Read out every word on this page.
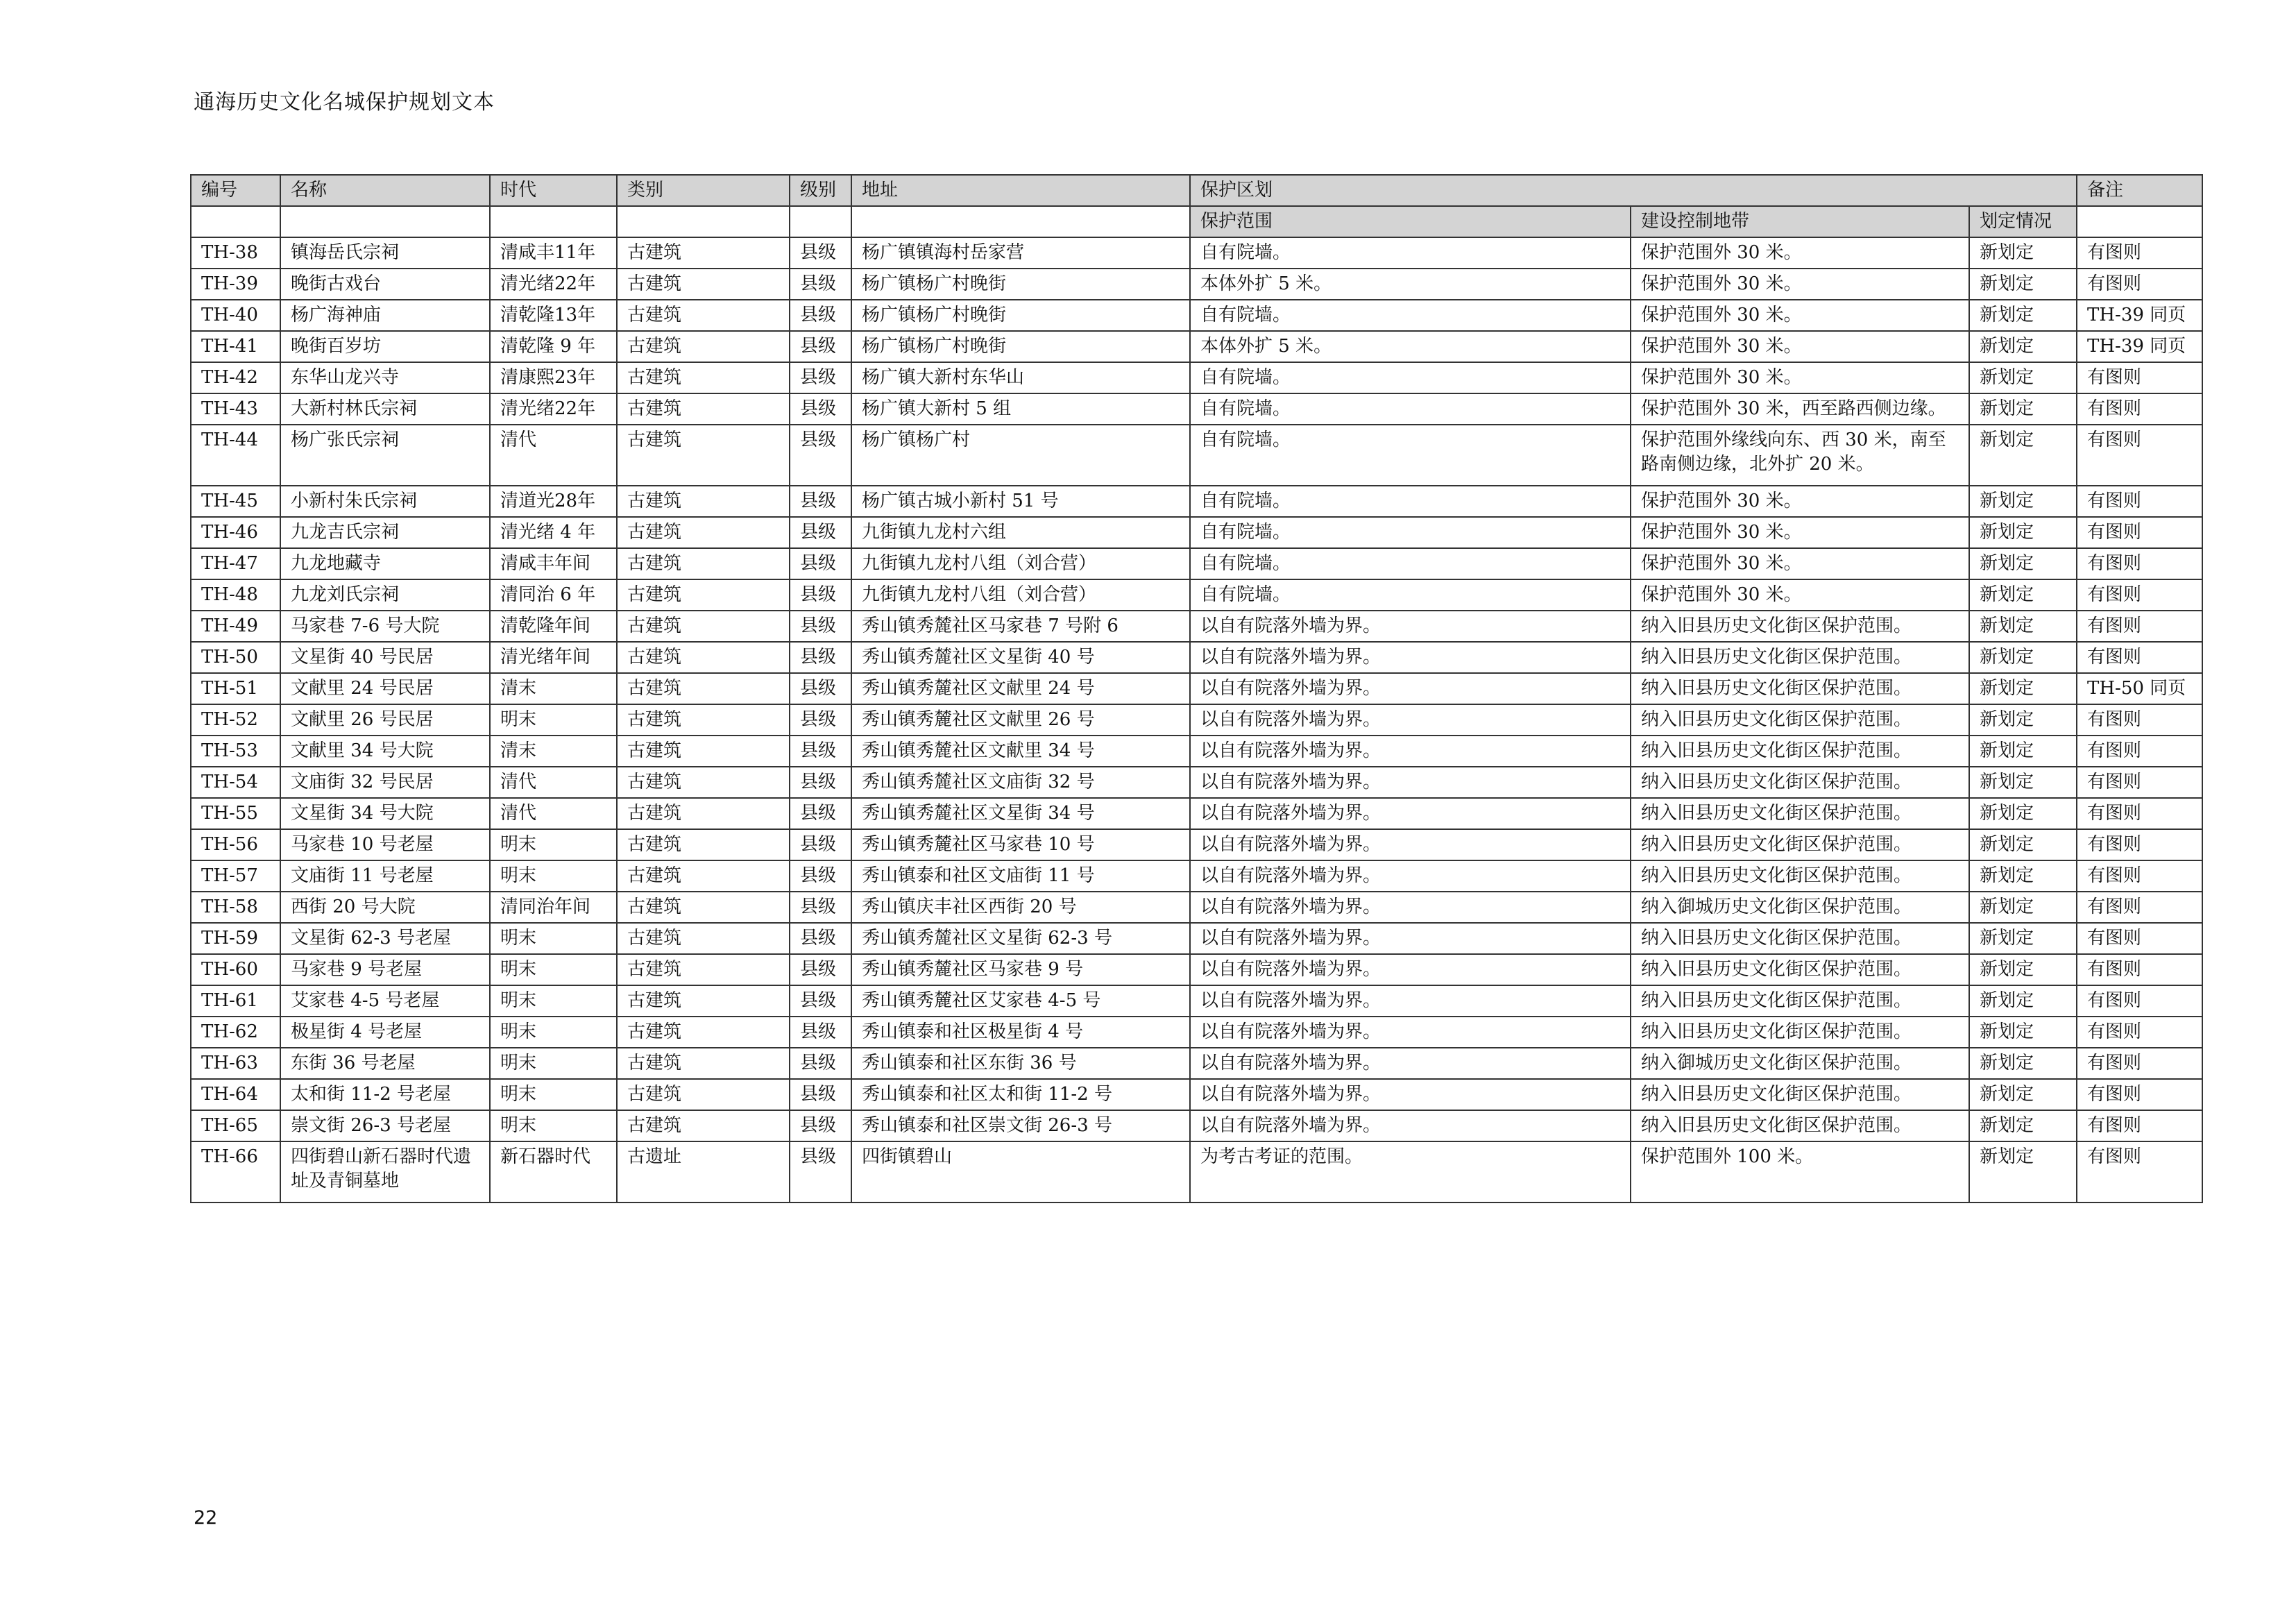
通海历史文化名城保护规划文本
编号	名称	时代	类别	级别	地址	保护区划			备注
						保护范围	建设控制地带	划定情况	
TH-38	镇海岳氏宗祠	清咸丰11年	古建筑	县级	杨广镇镇海村岳家营	自有院墙。	保护范围外 30 米。	新划定	有图则
TH-39	晚街古戏台	清光绪22年	古建筑	县级	杨广镇杨广村晚街	本体外扩 5 米。	保护范围外 30 米。	新划定	有图则
TH-40	杨广海神庙	清乾隆13年	古建筑	县级	杨广镇杨广村晚街	自有院墙。	保护范围外 30 米。	新划定	TH-39 同页
TH-41	晚街百岁坊	清乾隆 9 年	古建筑	县级	杨广镇杨广村晚街	本体外扩 5 米。	保护范围外 30 米。	新划定	TH-39 同页
TH-42	东华山龙兴寺	清康熙23年	古建筑	县级	杨广镇大新村东华山	自有院墙。	保护范围外 30 米。	新划定	有图则
TH-43	大新村林氏宗祠	清光绪22年	古建筑	县级	杨广镇大新村 5 组	自有院墙。	保护范围外 30 米，西至路西侧边缘。	新划定	有图则
TH-44	杨广张氏宗祠	清代	古建筑	县级	杨广镇杨广村	自有院墙。	保护范围外缘线向东、西 30 米，南至路南侧边缘，北外扩 20 米。	新划定	有图则
TH-45	小新村朱氏宗祠	清道光28年	古建筑	县级	杨广镇古城小新村 51 号	自有院墙。	保护范围外 30 米。	新划定	有图则
TH-46	九龙吉氏宗祠	清光绪 4 年	古建筑	县级	九街镇九龙村六组	自有院墙。	保护范围外 30 米。	新划定	有图则
TH-47	九龙地藏寺	清咸丰年间	古建筑	县级	九街镇九龙村八组（刘合营）	自有院墙。	保护范围外 30 米。	新划定	有图则
TH-48	九龙刘氏宗祠	清同治 6 年	古建筑	县级	九街镇九龙村八组（刘合营）	自有院墙。	保护范围外 30 米。	新划定	有图则
TH-49	马家巷 7-6 号大院	清乾隆年间	古建筑	县级	秀山镇秀麓社区马家巷 7 号附 6	以自有院落外墙为界。	纳入旧县历史文化街区保护范围。	新划定	有图则
TH-50	文星街 40 号民居	清光绪年间	古建筑	县级	秀山镇秀麓社区文星街 40 号	以自有院落外墙为界。	纳入旧县历史文化街区保护范围。	新划定	有图则
TH-51	文献里 24 号民居	清末	古建筑	县级	秀山镇秀麓社区文献里 24 号	以自有院落外墙为界。	纳入旧县历史文化街区保护范围。	新划定	TH-50 同页
TH-52	文献里 26 号民居	明末	古建筑	县级	秀山镇秀麓社区文献里 26 号	以自有院落外墙为界。	纳入旧县历史文化街区保护范围。	新划定	有图则
TH-53	文献里 34 号大院	清末	古建筑	县级	秀山镇秀麓社区文献里 34 号	以自有院落外墙为界。	纳入旧县历史文化街区保护范围。	新划定	有图则
TH-54	文庙街 32 号民居	清代	古建筑	县级	秀山镇秀麓社区文庙街 32 号	以自有院落外墙为界。	纳入旧县历史文化街区保护范围。	新划定	有图则
TH-55	文星街 34 号大院	清代	古建筑	县级	秀山镇秀麓社区文星街 34 号	以自有院落外墙为界。	纳入旧县历史文化街区保护范围。	新划定	有图则
TH-56	马家巷 10 号老屋	明末	古建筑	县级	秀山镇秀麓社区马家巷 10 号	以自有院落外墙为界。	纳入旧县历史文化街区保护范围。	新划定	有图则
TH-57	文庙街 11 号老屋	明末	古建筑	县级	秀山镇泰和社区文庙街 11 号	以自有院落外墙为界。	纳入旧县历史文化街区保护范围。	新划定	有图则
TH-58	西街 20 号大院	清同治年间	古建筑	县级	秀山镇庆丰社区西街 20 号	以自有院落外墙为界。	纳入御城历史文化街区保护范围。	新划定	有图则
TH-59	文星街 62-3 号老屋	明末	古建筑	县级	秀山镇秀麓社区文星街 62-3 号	以自有院落外墙为界。	纳入旧县历史文化街区保护范围。	新划定	有图则
TH-60	马家巷 9 号老屋	明末	古建筑	县级	秀山镇秀麓社区马家巷 9 号	以自有院落外墙为界。	纳入旧县历史文化街区保护范围。	新划定	有图则
TH-61	艾家巷 4-5 号老屋	明末	古建筑	县级	秀山镇秀麓社区艾家巷 4-5 号	以自有院落外墙为界。	纳入旧县历史文化街区保护范围。	新划定	有图则
TH-62	极星街 4 号老屋	明末	古建筑	县级	秀山镇泰和社区极星街 4 号	以自有院落外墙为界。	纳入旧县历史文化街区保护范围。	新划定	有图则
TH-63	东街 36 号老屋	明末	古建筑	县级	秀山镇泰和社区东街 36 号	以自有院落外墙为界。	纳入御城历史文化街区保护范围。	新划定	有图则
TH-64	太和街 11-2 号老屋	明末	古建筑	县级	秀山镇泰和社区太和街 11-2 号	以自有院落外墙为界。	纳入旧县历史文化街区保护范围。	新划定	有图则
TH-65	崇文街 26-3 号老屋	明末	古建筑	县级	秀山镇泰和社区崇文街 26-3 号	以自有院落外墙为界。	纳入旧县历史文化街区保护范围。	新划定	有图则
TH-66	四街碧山新石器时代遗址及青铜墓地	新石器时代	古遗址	县级	四街镇碧山	为考古考证的范围。	保护范围外 100 米。	新划定	有图则
22
